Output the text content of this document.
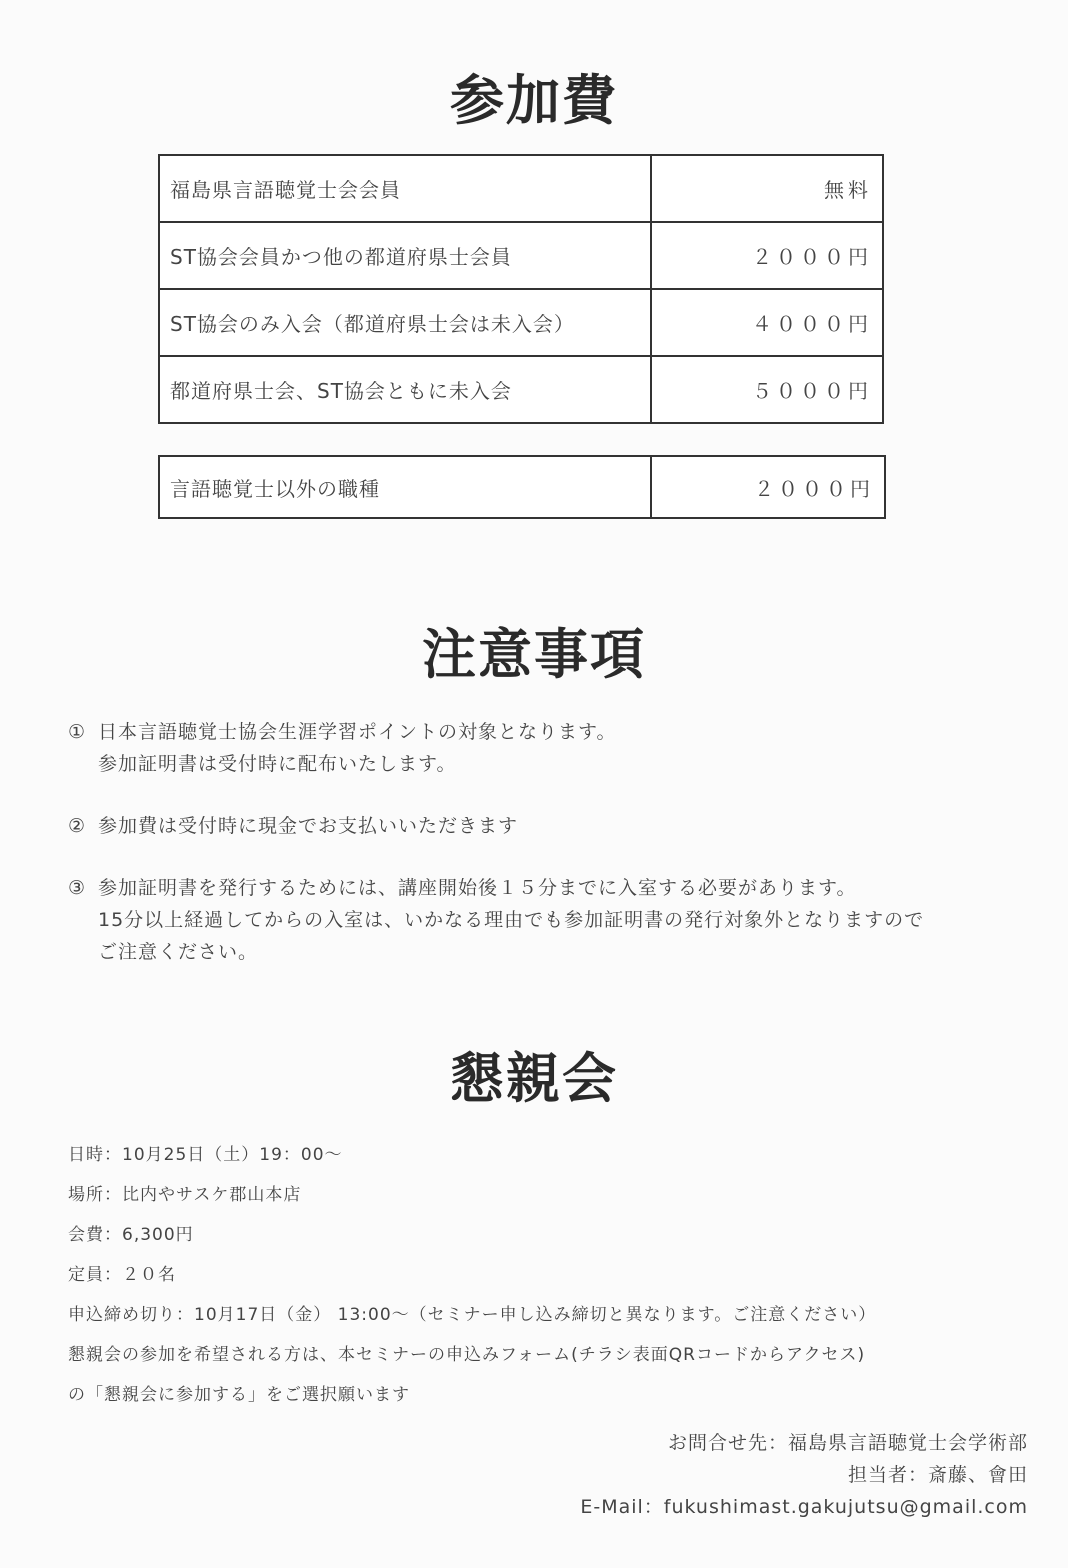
参加費
福島県言語聴覚士会会員	無料
ST協会会員かつ他の都道府県士会員	２０００円
ST協会のみ入会（都道府県士会は未入会）	４０００円
都道府県士会、ST協会ともに未入会	５０００円
言語聴覚士以外の職種	２０００円
注意事項
① 日本言語聴覚士協会生涯学習ポイントの対象となります。
参加証明書は受付時に配布いたします。
② 参加費は受付時に現金でお支払いいただきます
③ 参加証明書を発行するためには、講座開始後１５分までに入室する必要があります。
15分以上経過してからの入室は、いかなる理由でも参加証明書の発行対象外となりますので
ご注意ください。
懇親会

日時：10月25日（土）19：00～

場所：比内やサスケ郡山本店

会費：6,300円

定員：２０名

申込締め切り：10月17日（金） 13:00～（セミナー申し込み締切と異なります。ご注意ください）

懇親会の参加を希望される方は、本セミナーの申込みフォーム(チラシ表面QRコードからアクセス)

の「懇親会に参加する」をご選択願います

お問合せ先：福島県言語聴覚士会学術部

担当者：斎藤、會田

E-Mail：fukushimast.gakujutsu@gmail.com
